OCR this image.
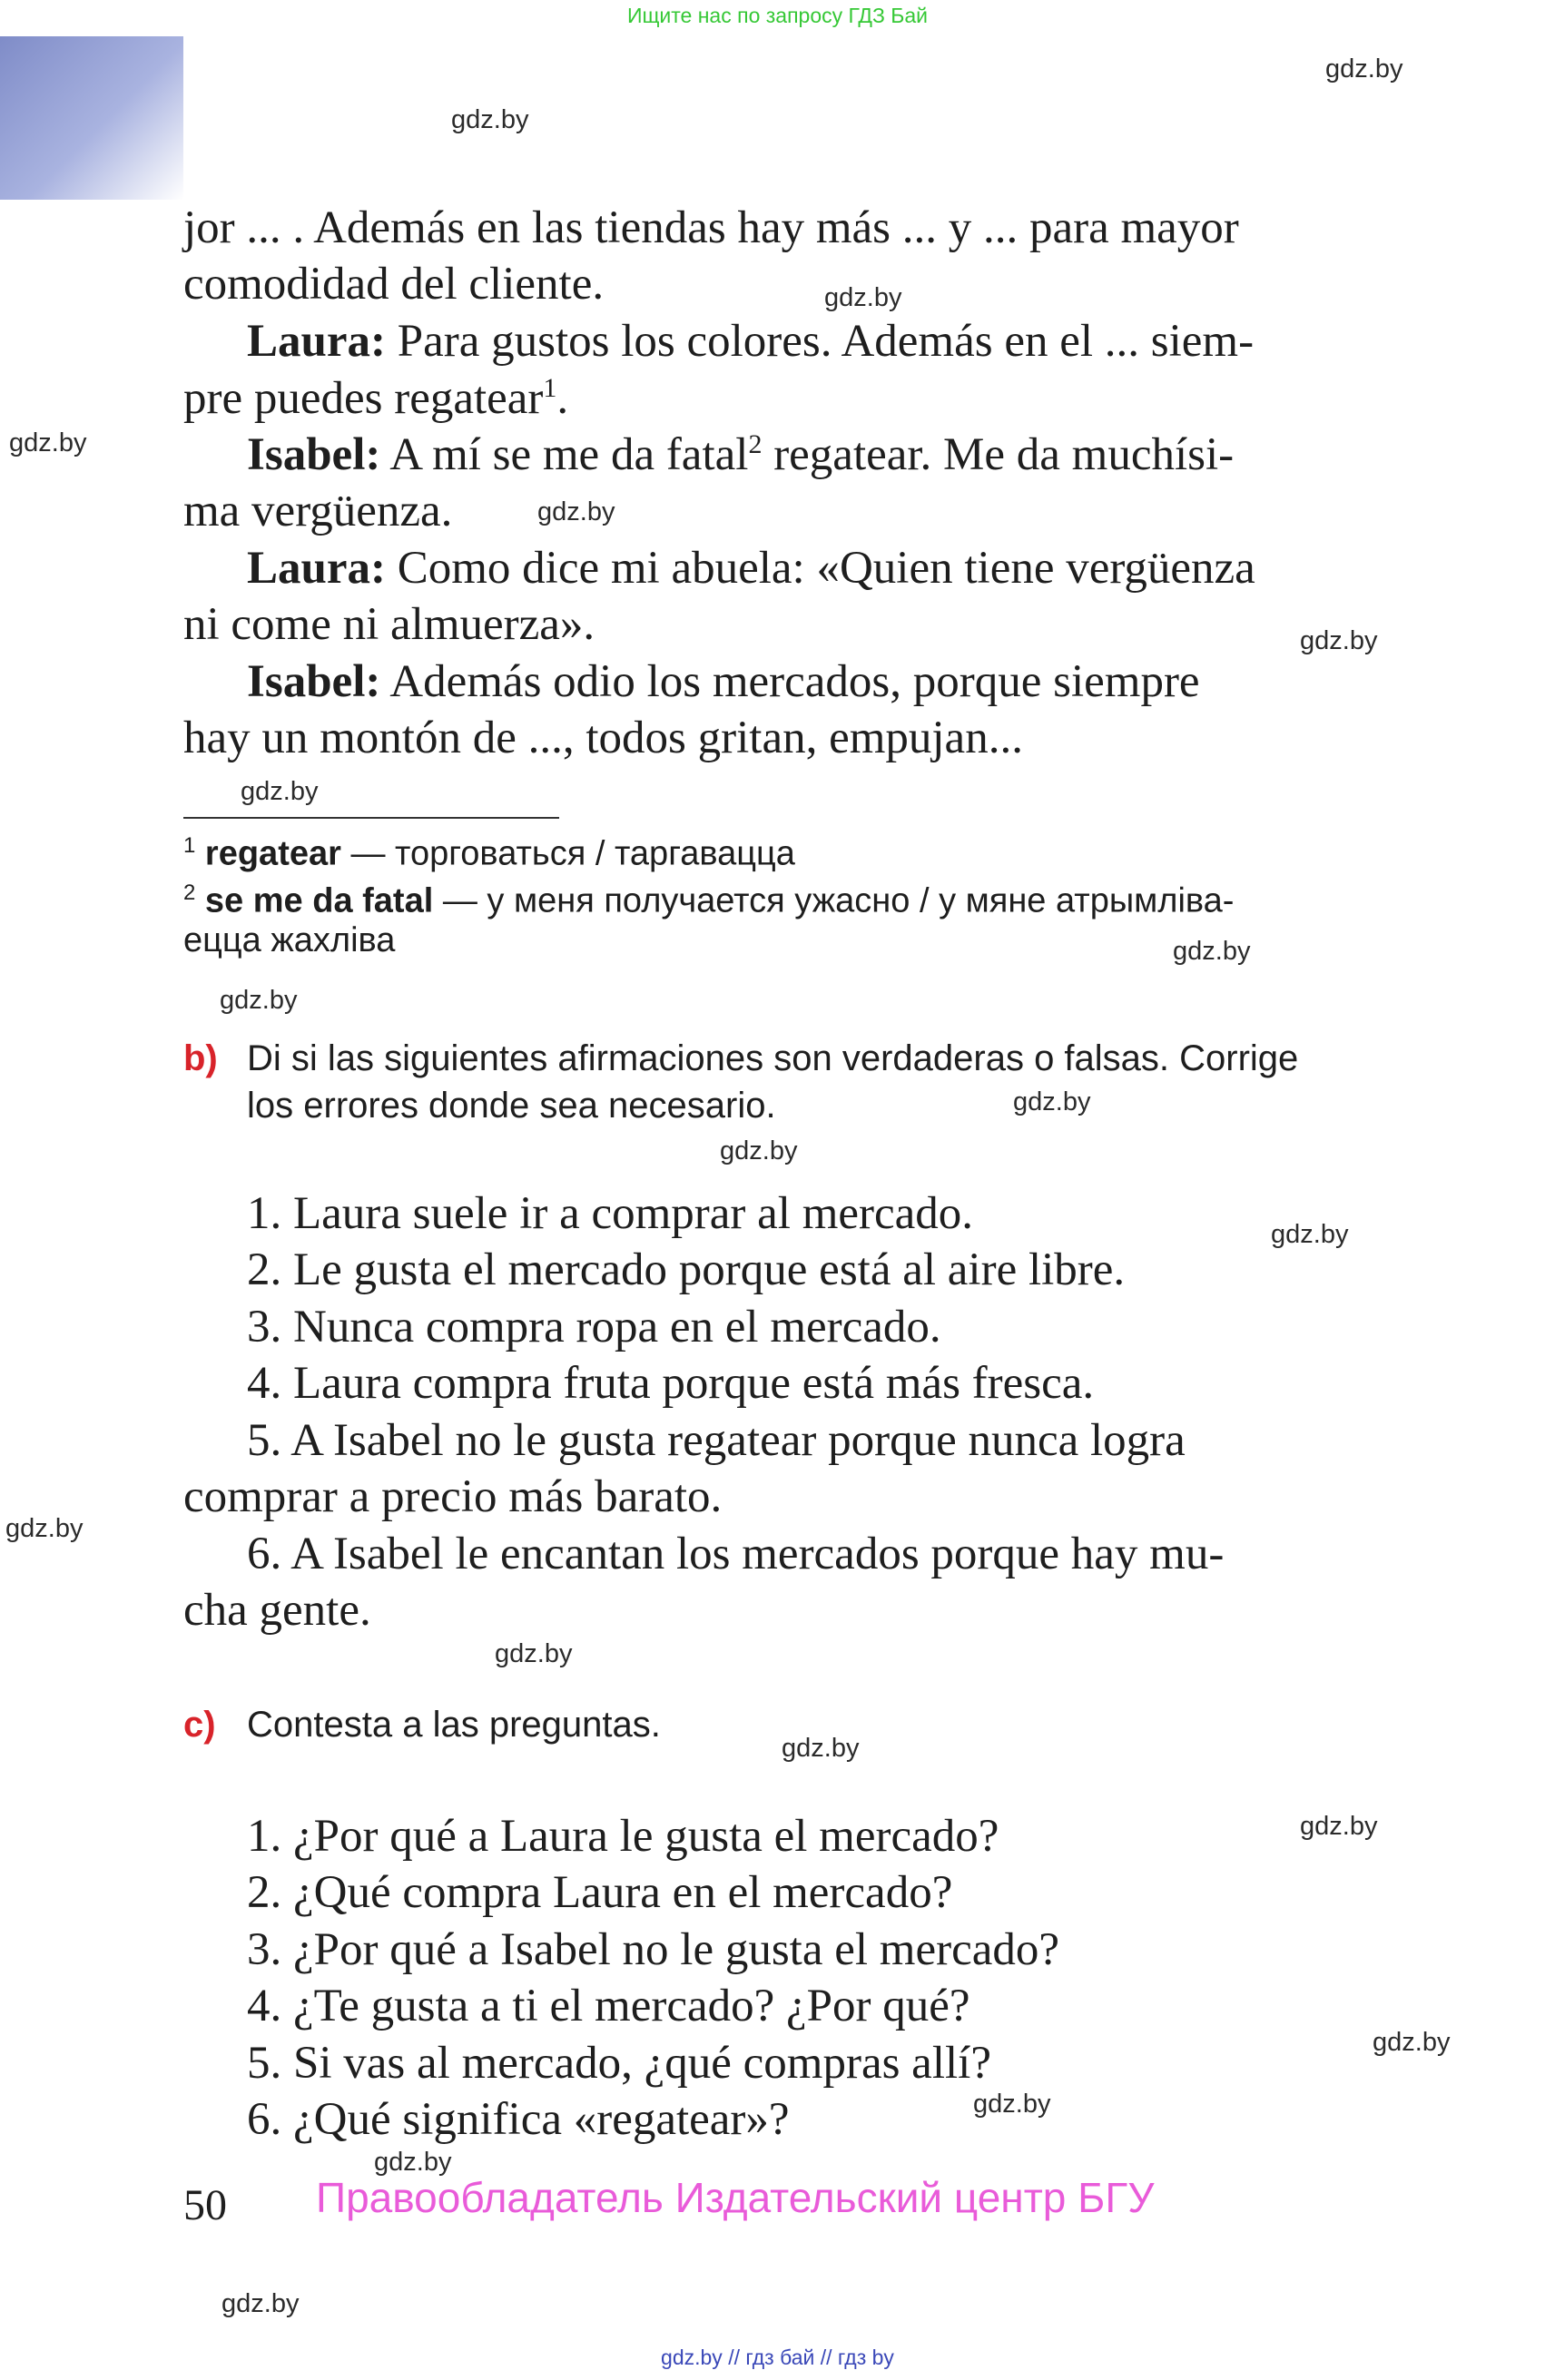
Ищите нас по запросу ГДЗ Бай
gdz.by
gdz.by
gdz.by
gdz.by
gdz.by
gdz.by
gdz.by
gdz.by
gdz.by
gdz.by
gdz.by
gdz.by
gdz.by
gdz.by
gdz.by
gdz.by
gdz.by
gdz.by
gdz.by
gdz.by
jor ... . Además en las tiendas hay más ... y ... para mayor
comodidad del cliente.
Laura: Para gustos los colores. Además en el ... siem-
pre puedes regatear$^1$.
Isabel: A mí se me da fatal$^2$ regatear. Me da muchísi-
ma vergüenza.
Laura: Como dice mi abuela: «Quien tiene vergüenza
ni come ni almuerza».
Isabel: Además odio los mercados, porque siempre
hay un montón de ..., todos gritan, empujan...
$^1$ regatear — торговаться / таргавацца
$^2$ se me da fatal — у меня получается ужасно / у мяне атрымліва-
ецца жахліва
b) Di si las siguientes afirmaciones son verdaderas o falsas. Corrige
los errores donde sea necesario.
1. Laura suele ir a comprar al mercado.
2. Le gusta el mercado porque está al aire libre.
3. Nunca compra ropa en el mercado.
4. Laura compra fruta porque está más fresca.
5. A Isabel no le gusta regatear porque nunca logra
comprar a precio más barato.
6. A Isabel le encantan los mercados porque hay mu-
cha gente.
c) Contesta a las preguntas.
1. ¿Por qué a Laura le gusta el mercado?
2. ¿Qué compra Laura en el mercado?
3. ¿Por qué a Isabel no le gusta el mercado?
4. ¿Te gusta a ti el mercado? ¿Por qué?
5. Si vas al mercado, ¿qué compras allí?
6. ¿Qué significa «regatear»?
50 Правообладатель Издательский центр БГУ
gdz.by // гдз бай // гдз by
